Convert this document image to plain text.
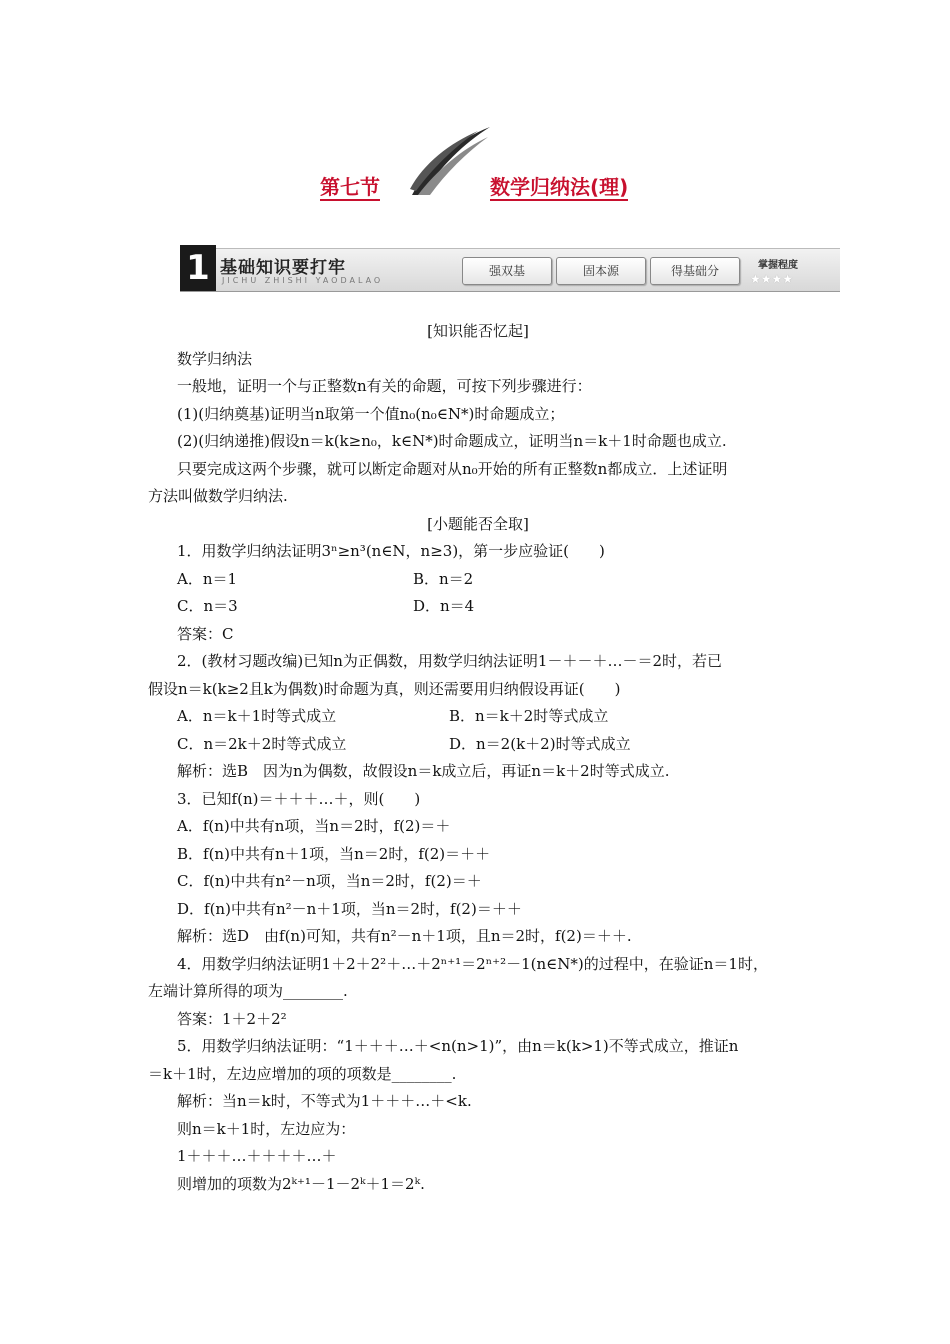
第七节	数学归纳法(理)
1 基础知识要打牢
JICHU ZHISHI YAODALAO
强双基	固本源	得基础分	掌握程度
★★★★

[知识能否忆起]

数学归纳法

一般地，证明一个与正整数n有关的命题，可按下列步骤进行：

(1)(归纳奠基)证明当n取第一个值n₀(n₀∈N*)时命题成立；

(2)(归纳递推)假设n＝k(k≥n₀，k∈N*)时命题成立，证明当n＝k＋1时命题也成立.

只要完成这两个步骤，就可以断定命题对从n₀开始的所有正整数n都成立．上述证明

方法叫做数学归纳法.

[小题能否全取]

1．用数学归纳法证明3ⁿ≥n³(n∈N，n≥3)，第一步应验证(　　)

A．n＝1	B．n＝2
C．n＝3	D．n＝4

答案：C

2．(教材习题改编)已知n为正偶数，用数学归纳法证明1－＋－＋…－＝2时，若已

假设n＝k(k≥2且k为偶数)时命题为真，则还需要用归纳假设再证(　　)

A．n＝k＋1时等式成立	B．n＝k＋2时等式成立
C．n＝2k＋2时等式成立	D．n＝2(k＋2)时等式成立

解析：选B　因为n为偶数，故假设n＝k成立后，再证n＝k＋2时等式成立.

3．已知f(n)＝＋＋＋…＋，则(　　)

A．f(n)中共有n项，当n＝2时，f(2)＝＋

B．f(n)中共有n＋1项，当n＝2时，f(2)＝＋＋

C．f(n)中共有n²－n项，当n＝2时，f(2)＝＋

D．f(n)中共有n²－n＋1项，当n＝2时，f(2)＝＋＋

解析：选D　由f(n)可知，共有n²－n＋1项，且n＝2时，f(2)＝＋＋.

4．用数学归纳法证明1＋2＋2²＋…＋2ⁿ⁺¹＝2ⁿ⁺²－1(n∈N*)的过程中，在验证n＝1时，

左端计算所得的项为________.

答案：1＋2＋2²

5．用数学归纳法证明：“1＋＋＋…＋<n(n>1)”，由n＝k(k>1)不等式成立，推证n

＝k＋1时，左边应增加的项的项数是________.

解析：当n＝k时，不等式为1＋＋＋…＋<k.

则n＝k＋1时，左边应为：

1＋＋＋…＋＋＋＋…＋

则增加的项数为2ᵏ⁺¹－1－2ᵏ＋1＝2ᵏ.
